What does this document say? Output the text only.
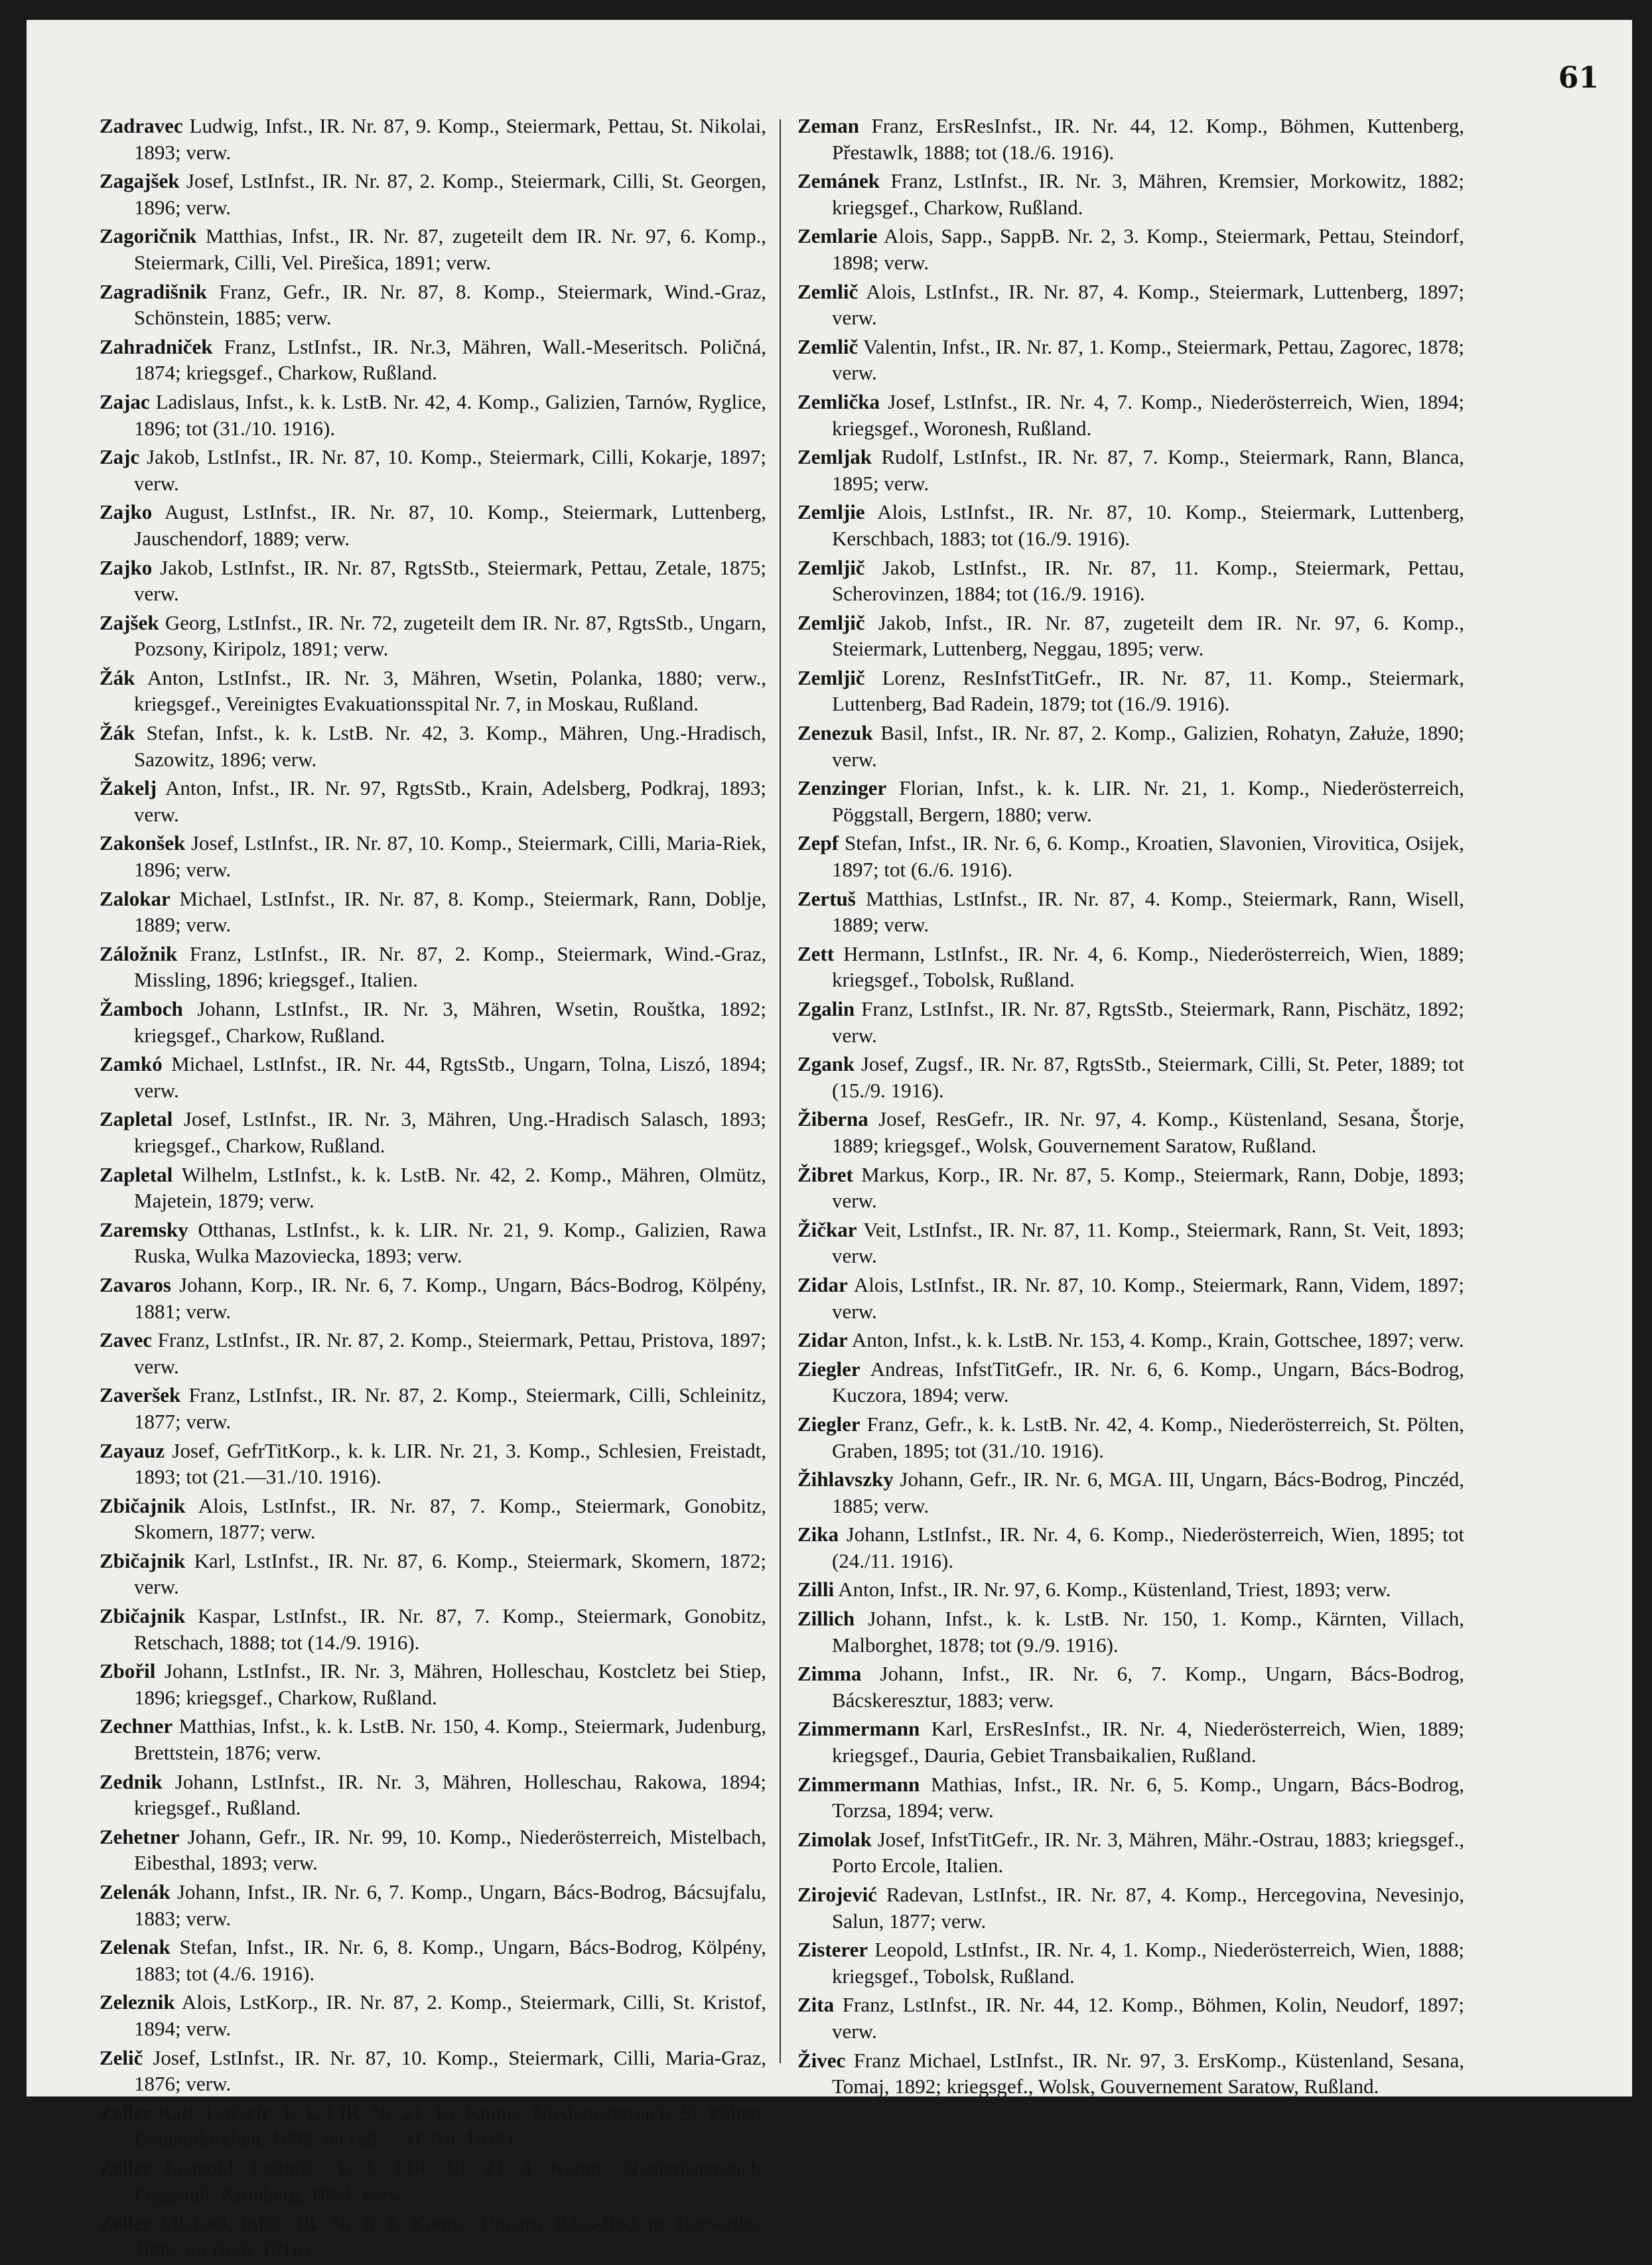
61
Zadravec Ludwig, Infst., IR. Nr. 87, 9. Komp., Steiermark, Pettau, St. Nikolai, 1893; verw.
Zagajšek Josef, LstInfst., IR. Nr. 87, 2. Komp., Steiermark, Cilli, St. Georgen, 1896; verw.
Zagoričnik Matthias, Infst., IR. Nr. 87, zugeteilt dem IR. Nr. 97, 6. Komp., Steiermark, Cilli, Vel. Pirešica, 1891; verw.
Zagradišnik Franz, Gefr., IR. Nr. 87, 8. Komp., Steiermark, Wind.-Graz, Schönstein, 1885; verw.
Zahradniček Franz, LstInfst., IR. Nr.3, Mähren, Wall.-Meseritsch. Poličná, 1874; kriegsgef., Charkow, Rußland.
Zajac Ladislaus, Infst., k. k. LstB. Nr. 42, 4. Komp., Galizien, Tarnów, Ryglice, 1896; tot (31./10. 1916).
Zajc Jakob, LstInfst., IR. Nr. 87, 10. Komp., Steiermark, Cilli, Kokarje, 1897; verw.
Zajko August, LstInfst., IR. Nr. 87, 10. Komp., Steiermark, Luttenberg, Jauschendorf, 1889; verw.
Zajko Jakob, LstInfst., IR. Nr. 87, RgtsStb., Steiermark, Pettau, Zetale, 1875; verw.
Zajšek Georg, LstInfst., IR. Nr. 72, zugeteilt dem IR. Nr. 87, RgtsStb., Ungarn, Pozsony, Kiripolz, 1891; verw.
Žák Anton, LstInfst., IR. Nr. 3, Mähren, Wsetin, Polanka, 1880; verw., kriegsgef., Vereinigtes Evakuationsspital Nr. 7, in Moskau, Rußland.
Žák Stefan, Infst., k. k. LstB. Nr. 42, 3. Komp., Mähren, Ung.-Hradisch, Sazowitz, 1896; verw.
Žakelj Anton, Infst., IR. Nr. 97, RgtsStb., Krain, Adelsberg, Podkraj, 1893; verw.
Zakonšek Josef, LstInfst., IR. Nr. 87, 10. Komp., Steiermark, Cilli, Maria-Riek, 1896; verw.
Zalokar Michael, LstInfst., IR. Nr. 87, 8. Komp., Steiermark, Rann, Doblje, 1889; verw.
Záložnik Franz, LstInfst., IR. Nr. 87, 2. Komp., Steiermark, Wind.-Graz, Missling, 1896; kriegsgef., Italien.
Žamboch Johann, LstInfst., IR. Nr. 3, Mähren, Wsetin, Rouštka, 1892; kriegsgef., Charkow, Rußland.
Zamkó Michael, LstInfst., IR. Nr. 44, RgtsStb., Ungarn, Tolna, Liszó, 1894; verw.
Zapletal Josef, LstInfst., IR. Nr. 3, Mähren, Ung.-Hradisch Salasch, 1893; kriegsgef., Charkow, Rußland.
Zapletal Wilhelm, LstInfst., k. k. LstB. Nr. 42, 2. Komp., Mähren, Olmütz, Majetein, 1879; verw.
Zaremsky Otthanas, LstInfst., k. k. LIR. Nr. 21, 9. Komp., Galizien, Rawa Ruska, Wulka Mazoviecka, 1893; verw.
Zavaros Johann, Korp., IR. Nr. 6, 7. Komp., Ungarn, Bács-Bodrog, Kölpény, 1881; verw.
Zavec Franz, LstInfst., IR. Nr. 87, 2. Komp., Steiermark, Pettau, Pristova, 1897; verw.
Zaveršek Franz, LstInfst., IR. Nr. 87, 2. Komp., Steiermark, Cilli, Schleinitz, 1877; verw.
Zayauz Josef, GefrTitKorp., k. k. LIR. Nr. 21, 3. Komp., Schlesien, Freistadt, 1893; tot (21.—31./10. 1916).
Zbičajnik Alois, LstInfst., IR. Nr. 87, 7. Komp., Steiermark, Gonobitz, Skomern, 1877; verw.
Zbičajnik Karl, LstInfst., IR. Nr. 87, 6. Komp., Steiermark, Skomern, 1872; verw.
Zbičajnik Kaspar, LstInfst., IR. Nr. 87, 7. Komp., Steiermark, Gonobitz, Retschach, 1888; tot (14./9. 1916).
Zbořil Johann, LstInfst., IR. Nr. 3, Mähren, Holleschau, Kostcletz bei Stiep, 1896; kriegsgef., Charkow, Rußland.
Zechner Matthias, Infst., k. k. LstB. Nr. 150, 4. Komp., Steiermark, Judenburg, Brettstein, 1876; verw.
Zednik Johann, LstInfst., IR. Nr. 3, Mähren, Holleschau, Rakowa, 1894; kriegsgef., Rußland.
Zehetner Johann, Gefr., IR. Nr. 99, 10. Komp., Niederösterreich, Mistelbach, Eibesthal, 1893; verw.
Zelenák Johann, Infst., IR. Nr. 6, 7. Komp., Ungarn, Bács-Bodrog, Bácsujfalu, 1883; verw.
Zelenak Stefan, Infst., IR. Nr. 6, 8. Komp., Ungarn, Bács-Bodrog, Kölpény, 1883; tot (4./6. 1916).
Zeleznik Alois, LstKorp., IR. Nr. 87, 2. Komp., Steiermark, Cilli, St. Kristof, 1894; verw.
Zelič Josef, LstInfst., IR. Nr. 87, 10. Komp., Steiermark, Cilli, Maria-Graz, 1876; verw.
Zeller Karl, LstGefr., k. k. LIR. Nr. 21, 10. Komp., Niederösterreich, St. Pölten, Böheimkirchen, 1883; tot (28.—31./10. 1916).
Zeller Leopold, LstInfst., k. k. LIR. Nr. 21, 4. Komp., Niederösterreich, Pöggstall, Kronberg, 1894; verw.
Zeller Michael, Infst., IR. Nr. 6, 6. Komp., Ungarn, Bács-Bodrog, Bácsordas, 1896; tot (6./6. 1916).
Zeman Franz, ErsResInfst., IR. Nr. 44, 12. Komp., Böhmen, Kuttenberg, Přestawlk, 1888; tot (18./6. 1916).
Zemánek Franz, LstInfst., IR. Nr. 3, Mähren, Kremsier, Morkowitz, 1882; kriegsgef., Charkow, Rußland.
Zemlarie Alois, Sapp., SappB. Nr. 2, 3. Komp., Steiermark, Pettau, Steindorf, 1898; verw.
Zemlič Alois, LstInfst., IR. Nr. 87, 4. Komp., Steiermark, Luttenberg, 1897; verw.
Zemlič Valentin, Infst., IR. Nr. 87, 1. Komp., Steiermark, Pettau, Zagorec, 1878; verw.
Zemlička Josef, LstInfst., IR. Nr. 4, 7. Komp., Niederösterreich, Wien, 1894; kriegsgef., Woronesh, Rußland.
Zemljak Rudolf, LstInfst., IR. Nr. 87, 7. Komp., Steiermark, Rann, Blanca, 1895; verw.
Zemljie Alois, LstInfst., IR. Nr. 87, 10. Komp., Steiermark, Luttenberg, Kerschbach, 1883; tot (16./9. 1916).
Zemljič Jakob, LstInfst., IR. Nr. 87, 11. Komp., Steiermark, Pettau, Scherovinzen, 1884; tot (16./9. 1916).
Zemljič Jakob, Infst., IR. Nr. 87, zugeteilt dem IR. Nr. 97, 6. Komp., Steiermark, Luttenberg, Neggau, 1895; verw.
Zemljič Lorenz, ResInfstTitGefr., IR. Nr. 87, 11. Komp., Steiermark, Luttenberg, Bad Radein, 1879; tot (16./9. 1916).
Zenezuk Basil, Infst., IR. Nr. 87, 2. Komp., Galizien, Rohatyn, Załuże, 1890; verw.
Zenzinger Florian, Infst., k. k. LIR. Nr. 21, 1. Komp., Niederösterreich, Pöggstall, Bergern, 1880; verw.
Zepf Stefan, Infst., IR. Nr. 6, 6. Komp., Kroatien, Slavonien, Virovitica, Osijek, 1897; tot (6./6. 1916).
Zertuš Matthias, LstInfst., IR. Nr. 87, 4. Komp., Steiermark, Rann, Wisell, 1889; verw.
Zett Hermann, LstInfst., IR. Nr. 4, 6. Komp., Niederösterreich, Wien, 1889; kriegsgef., Tobolsk, Rußland.
Zgalin Franz, LstInfst., IR. Nr. 87, RgtsStb., Steiermark, Rann, Pischätz, 1892; verw.
Zgank Josef, Zugsf., IR. Nr. 87, RgtsStb., Steiermark, Cilli, St. Peter, 1889; tot (15./9. 1916).
Žiberna Josef, ResGefr., IR. Nr. 97, 4. Komp., Küstenland, Sesana, Štorje, 1889; kriegsgef., Wolsk, Gouvernement Saratow, Rußland.
Žibret Markus, Korp., IR. Nr. 87, 5. Komp., Steiermark, Rann, Dobje, 1893; verw.
Žičkar Veit, LstInfst., IR. Nr. 87, 11. Komp., Steiermark, Rann, St. Veit, 1893; verw.
Zidar Alois, LstInfst., IR. Nr. 87, 10. Komp., Steiermark, Rann, Videm, 1897; verw.
Zidar Anton, Infst., k. k. LstB. Nr. 153, 4. Komp., Krain, Gottschee, 1897; verw.
Ziegler Andreas, InfstTitGefr., IR. Nr. 6, 6. Komp., Ungarn, Bács-Bodrog, Kuczora, 1894; verw.
Ziegler Franz, Gefr., k. k. LstB. Nr. 42, 4. Komp., Niederösterreich, St. Pölten, Graben, 1895; tot (31./10. 1916).
Žihlavszky Johann, Gefr., IR. Nr. 6, MGA. III, Ungarn, Bács-Bodrog, Pinczéd, 1885; verw.
Zika Johann, LstInfst., IR. Nr. 4, 6. Komp., Niederösterreich, Wien, 1895; tot (24./11. 1916).
Zilli Anton, Infst., IR. Nr. 97, 6. Komp., Küstenland, Triest, 1893; verw.
Zillich Johann, Infst., k. k. LstB. Nr. 150, 1. Komp., Kärnten, Villach, Malborghet, 1878; tot (9./9. 1916).
Zimma Johann, Infst., IR. Nr. 6, 7. Komp., Ungarn, Bács-Bodrog, Bácskeresztur, 1883; verw.
Zimmermann Karl, ErsResInfst., IR. Nr. 4, Niederösterreich, Wien, 1889; kriegsgef., Dauria, Gebiet Transbaikalien, Rußland.
Zimmermann Mathias, Infst., IR. Nr. 6, 5. Komp., Ungarn, Bács-Bodrog, Torzsa, 1894; verw.
Zimolak Josef, InfstTitGefr., IR. Nr. 3, Mähren, Mähr.-Ostrau, 1883; kriegsgef., Porto Ercole, Italien.
Zirojević Radevan, LstInfst., IR. Nr. 87, 4. Komp., Hercegovina, Nevesinjo, Salun, 1877; verw.
Zisterer Leopold, LstInfst., IR. Nr. 4, 1. Komp., Niederösterreich, Wien, 1888; kriegsgef., Tobolsk, Rußland.
Zita Franz, LstInfst., IR. Nr. 44, 12. Komp., Böhmen, Kolin, Neudorf, 1897; verw.
Živec Franz Michael, LstInfst., IR. Nr. 97, 3. ErsKomp., Küstenland, Sesana, Tomaj, 1892; kriegsgef., Wolsk, Gouvernement Saratow, Rußland.
